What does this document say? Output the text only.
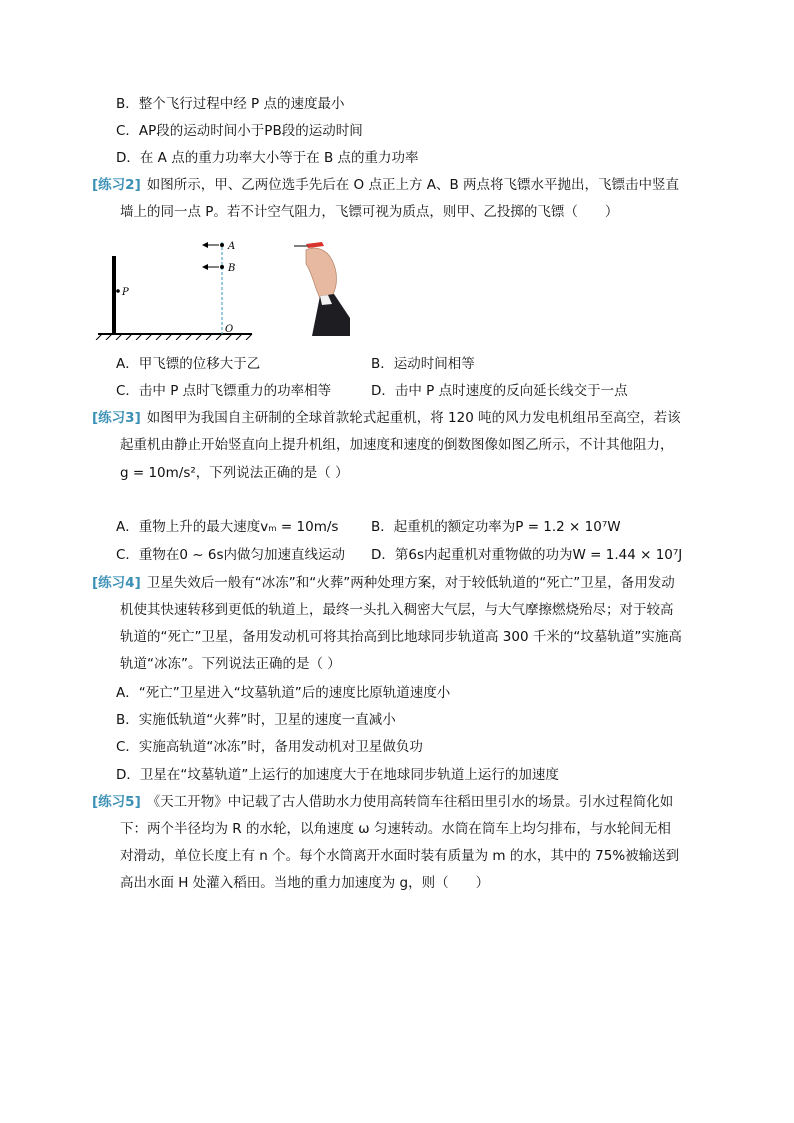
B．整个飞行过程中经 P 点的速度最小
C．AP段的运动时间小于PB段的运动时间
D．在 A 点的重力功率大小等于在 B 点的重力功率
[练习2] 如图所示，甲、乙两位选手先后在 O 点正上方 A、B 两点将飞镖水平抛出，飞镖击中竖直
墙上的同一点 P。若不计空气阻力，飞镖可视为质点，则甲、乙投掷的飞镖（　　）
P
A
B
O
A．甲飞镖的位移大于乙	B．运动时间相等
C．击中 P 点时飞镖重力的功率相等	D．击中 P 点时速度的反向延长线交于一点
[练习3] 如图甲为我国自主研制的全球首款轮式起重机，将 120 吨的风力发电机组吊至高空，若该
起重机由静止开始竖直向上提升机组，加速度和速度的倒数图像如图乙所示，不计其他阻力，
g = 10m/s²，下列说法正确的是（ ）
A．重物上升的最大速度vₘ = 10m/s B．起重机的额定功率为P = 1.2 × 10⁷W
C．重物在0 ~ 6s内做匀加速直线运动 D．第6s内起重机对重物做的功为W = 1.44 × 10⁷J
[练习4] 卫星失效后一般有“冰冻”和“火葬”两种处理方案，对于较低轨道的“死亡”卫星，备用发动
机使其快速转移到更低的轨道上，最终一头扎入稠密大气层，与大气摩擦燃烧殆尽；对于较高
轨道的“死亡”卫星，备用发动机可将其抬高到比地球同步轨道高 300 千米的“坟墓轨道”实施高
轨道“冰冻”。下列说法正确的是（ ）
A．“死亡”卫星进入“坟墓轨道”后的速度比原轨道速度小
B．实施低轨道“火葬”时，卫星的速度一直减小
C．实施高轨道“冰冻”时，备用发动机对卫星做负功
D．卫星在“坟墓轨道”上运行的加速度大于在地球同步轨道上运行的加速度
[练习5] 《天工开物》中记载了古人借助水力使用高转筒车往稻田里引水的场景。引水过程简化如
下：两个半径均为 R 的水轮，以角速度 ω 匀速转动。水筒在筒车上均匀排布，与水轮间无相
对滑动，单位长度上有 n 个。每个水筒离开水面时装有质量为 m 的水，其中的 75%被输送到
高出水面 H 处灌入稻田。当地的重力加速度为 g，则（　　）
